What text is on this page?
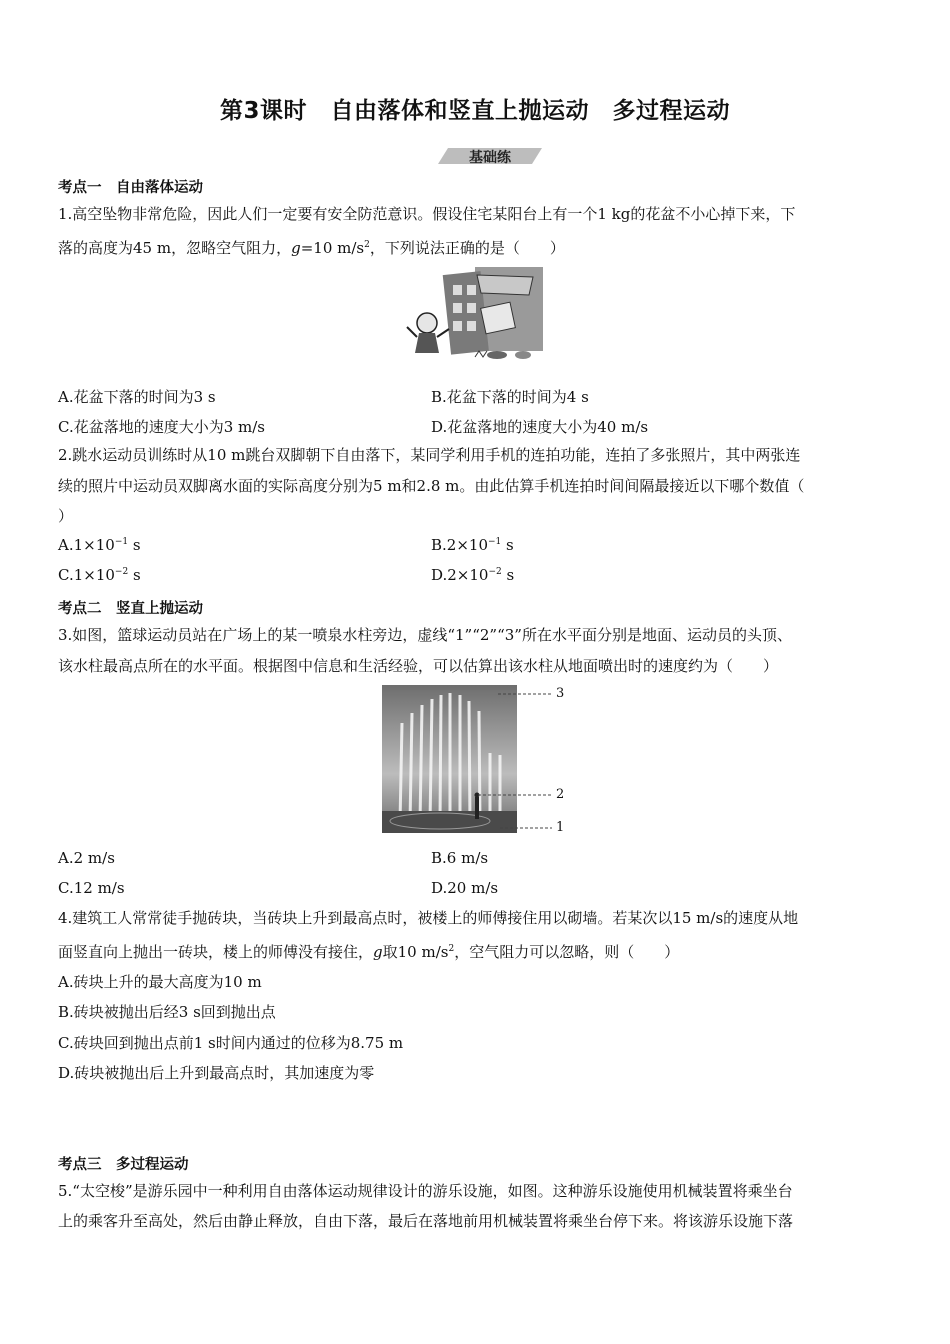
第3课时　自由落体和竖直上抛运动　多过程运动
基础练
考点一　自由落体运动
1.高空坠物非常危险，因此人们一定要有安全防范意识。假设住宅某阳台上有一个1 kg的花盆不小心掉下来，下
落的高度为45 m，忽略空气阻力，g=10 $m/s^2$，下列说法正确的是（　　）
A.花盆下落的时间为3 s	B.花盆下落的时间为4 s
C.花盆落地的速度大小为3 m/s	D.花盆落地的速度大小为40 m/s
2.跳水运动员训练时从10 m跳台双脚朝下自由落下，某同学利用手机的连拍功能，连拍了多张照片，其中两张连
续的照片中运动员双脚离水面的实际高度分别为5 m和2.8 m。由此估算手机连拍时间间隔最接近以下哪个数值（
）
$A.1\times 10^{-1}$ s	$B.2\times 10^{-1}$ s
$C.1\times 10^{-2}$ s	$D.2\times 10^{-2}$ s
考点二　竖直上抛运动
3.如图，篮球运动员站在广场上的某一喷泉水柱旁边，虚线“1”“2”“3”所在水平面分别是地面、运动员的头顶、
该水柱最高点所在的水平面。根据图中信息和生活经验，可以估算出该水柱从地面喷出时的速度约为（　　）
3
2
1
A.2 m/s	B.6 m/s
C.12 m/s	D.20 m/s
4.建筑工人常常徒手抛砖块，当砖块上升到最高点时，被楼上的师傅接住用以砌墙。若某次以15 m/s的速度从地
面竖直向上抛出一砖块，楼上的师傅没有接住，g取10 $m/s^2$，空气阻力可以忽略，则（　　）
A.砖块上升的最大高度为10 m
B.砖块被抛出后经3 s回到抛出点
C.砖块回到抛出点前1 s时间内通过的位移为8.75 m
D.砖块被抛出后上升到最高点时，其加速度为零
考点三　多过程运动
5.“太空梭”是游乐园中一种利用自由落体运动规律设计的游乐设施，如图。这种游乐设施使用机械装置将乘坐台
上的乘客升至高处，然后由静止释放，自由下落，最后在落地前用机械装置将乘坐台停下来。将该游乐设施下落
